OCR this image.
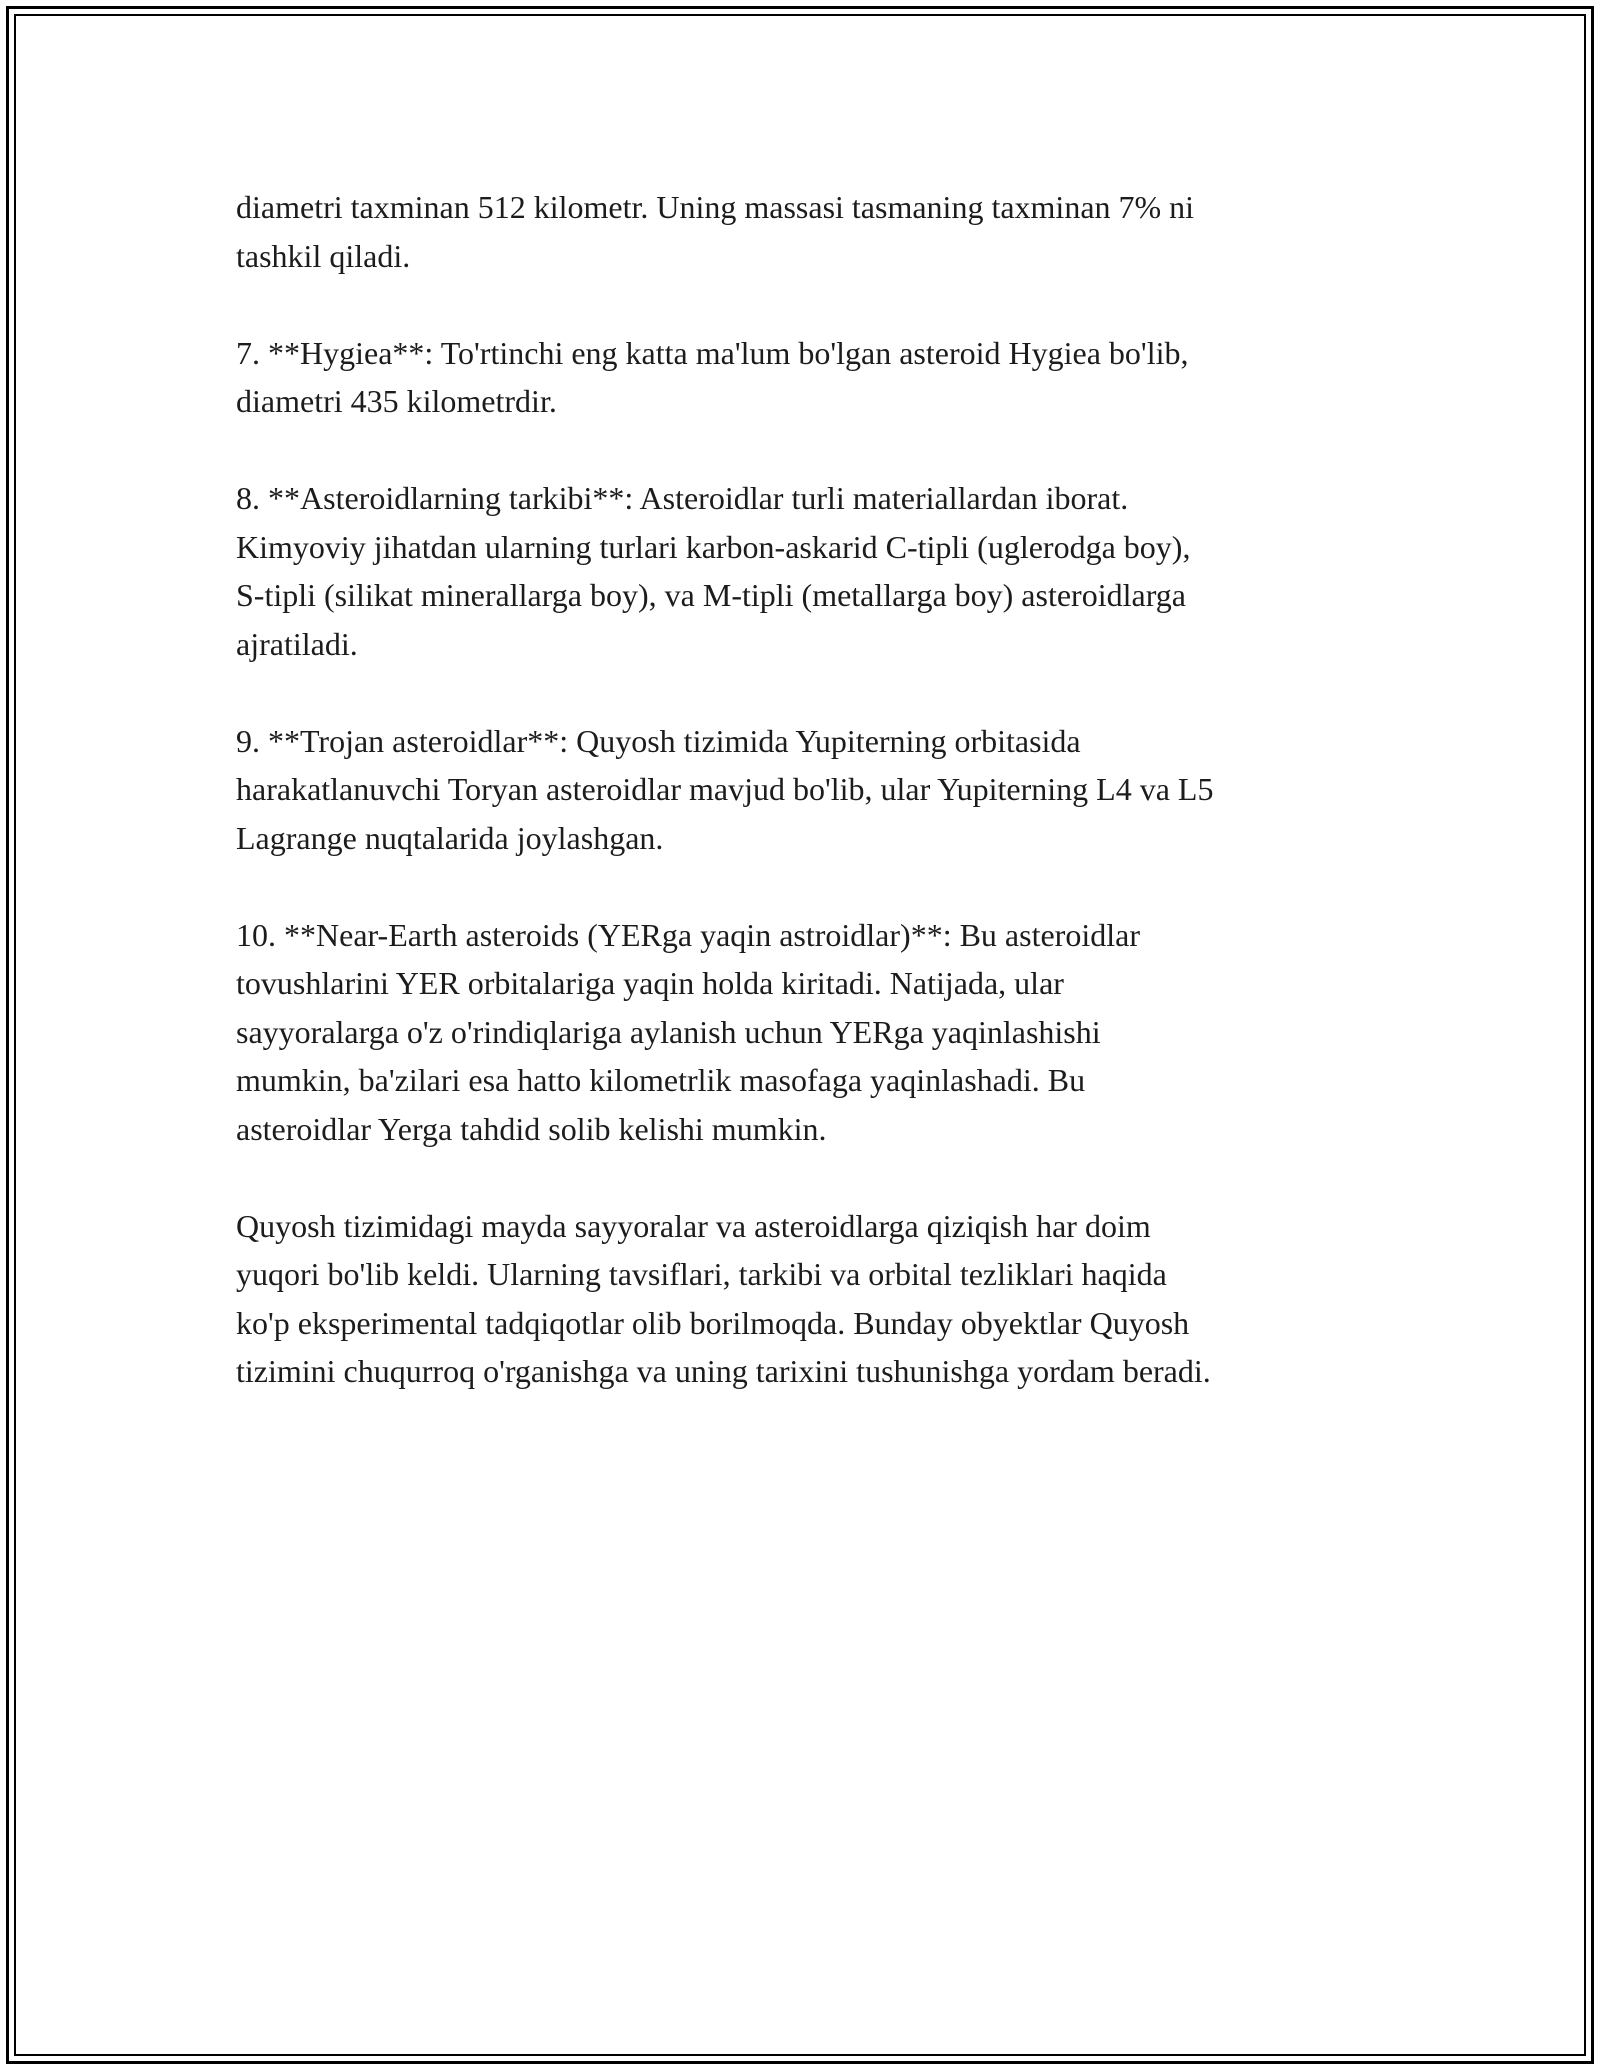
diametri taxminan 512 kilometr. Uning massasi tasmaning taxminan 7% ni
tashkil qiladi.

7. **Hygiea**: To'rtinchi eng katta ma'lum bo'lgan asteroid Hygiea bo'lib,
diametri 435 kilometrdir.

8. **Asteroidlarning tarkibi**: Asteroidlar turli materiallardan iborat.
Kimyoviy jihatdan ularning turlari karbon-askarid C-tipli (uglerodga boy),
S-tipli (silikat minerallarga boy), va M-tipli (metallarga boy) asteroidlarga
ajratiladi.

9. **Trojan asteroidlar**: Quyosh tizimida Yupiterning orbitasida
harakatlanuvchi Toryan asteroidlar mavjud bo'lib, ular Yupiterning L4 va L5
Lagrange nuqtalarida joylashgan.

10. **Near-Earth asteroids (YERga yaqin astroidlar)**: Bu asteroidlar
tovushlarini YER orbitalariga yaqin holda kiritadi. Natijada, ular
sayyoralarga o'z o'rindiqlariga aylanish uchun YERga yaqinlashishi
mumkin, ba'zilari esa hatto kilometrlik masofaga yaqinlashadi. Bu
asteroidlar Yerga tahdid solib kelishi mumkin.

Quyosh tizimidagi mayda sayyoralar va asteroidlarga qiziqish har doim
yuqori bo'lib keldi. Ularning tavsiflari, tarkibi va orbital tezliklari haqida
ko'p eksperimental tadqiqotlar olib borilmoqda. Bunday obyektlar Quyosh
tizimini chuqurroq o'rganishga va uning tarixini tushunishga yordam beradi.
